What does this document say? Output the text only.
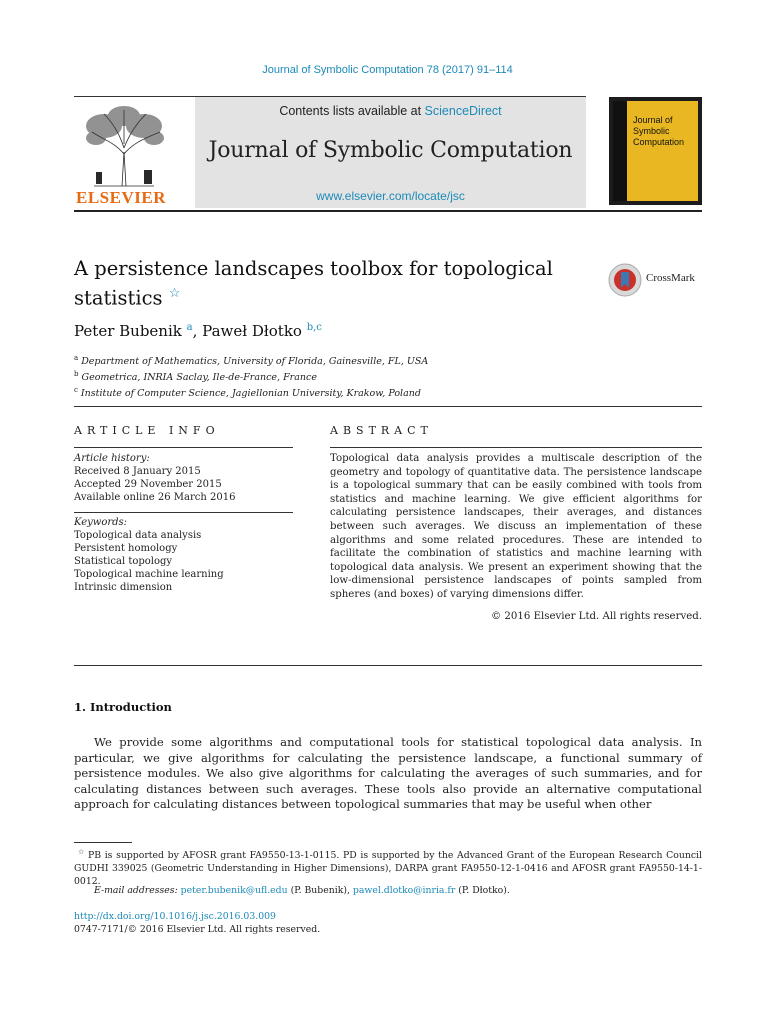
Journal of Symbolic Computation 78 (2017) 91–114
ELSEVIER
Contents lists available at ScienceDirect
Journal of Symbolic Computation
www.elsevier.com/locate/jsc
Journal of
Symbolic
Computation
A persistence landscapes toolbox for topological
statistics ☆
CrossMark
Peter Bubenik $^a$, Paweł Dłotko $^{b,c}$
$^a$ Department of Mathematics, University of Florida, Gainesville, FL, USA
$^b$ Geometrica, INRIA Saclay, Ile-de-France, France
$^c$ Institute of Computer Science, Jagiellonian University, Krakow, Poland
ARTICLE INFO	ABSTRACT
Article history:
Received 8 January 2015
Accepted 29 November 2015
Available online 26 March 2016
Keywords:
Topological data analysis
Persistent homology
Statistical topology
Topological machine learning
Intrinsic dimension
Topological data analysis provides a multiscale description of the geometry and topology of quantitative data. The persistence landscape is a topological summary that can be easily combined with tools from statistics and machine learning. We give efficient algorithms for calculating persistence landscapes, their averages, and distances between such averages. We discuss an implementation of these algorithms and some related procedures. These are intended to facilitate the combination of statistics and machine learning with topological data analysis. We present an experiment showing that the low-dimensional persistence landscapes of points sampled from spheres (and boxes) of varying dimensions differ.
© 2016 Elsevier Ltd. All rights reserved.
1. Introduction
We provide some algorithms and computational tools for statistical topological data analysis. In particular, we give algorithms for calculating the persistence landscape, a functional summary of persistence modules. We also give algorithms for calculating the averages of such summaries, and for calculating distances between such averages. These tools also provide an alternative computational approach for calculating distances between topological summaries that may be useful when other
☆ PB is supported by AFOSR grant FA9550-13-1-0115. PD is supported by the Advanced Grant of the European Research Council GUDHI 339025 (Geometric Understanding in Higher Dimensions), DARPA grant FA9550-12-1-0416 and AFOSR grant FA9550-14-1-0012.
E-mail addresses: peter.bubenik@ufl.edu (P. Bubenik), pawel.dlotko@inria.fr (P. Dłotko).
http://dx.doi.org/10.1016/j.jsc.2016.03.009
0747-7171/© 2016 Elsevier Ltd. All rights reserved.
